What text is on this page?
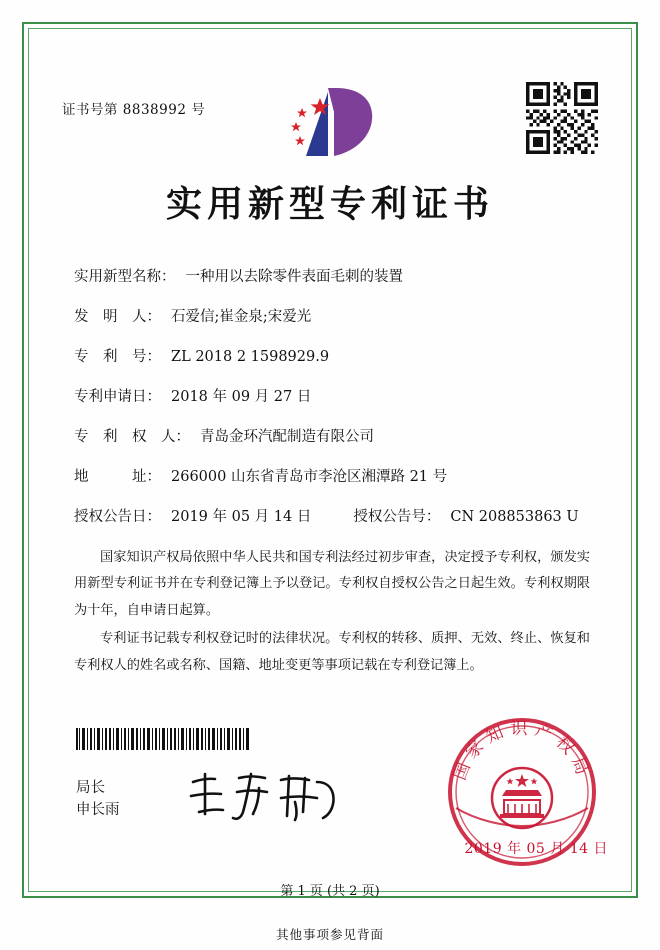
证书号第 8838992 号
实用新型专利证书
实用新型名称： 一种用以去除零件表面毛刺的装置
发　明　人： 石爱信;崔金泉;宋爱光
专　利　号： ZL 2018 2 1598929.9
专利申请日： 2018 年 09 月 27 日
专　利　权　人： 青岛金环汽配制造有限公司
地　　　址： 266000 山东省青岛市李沧区湘潭路 21 号
授权公告日： 2019 年 05 月 14 日	授权公告号： CN 208853863 U
国家知识产权局依照中华人民共和国专利法经过初步审查，决定授予专利权，颁发实用新型专利证书并在专利登记簿上予以登记。专利权自授权公告之日起生效。专利权期限为十年，自申请日起算。
专利证书记载专利权登记时的法律状况。专利权的转移、质押、无效、终止、恢复和专利权人的姓名或名称、国籍、地址变更等事项记载在专利登记簿上。
局长
申长雨
国家知识产权局
2019 年 05 月 14 日
第 1 页 (共 2 页)
其他事项参见背面
